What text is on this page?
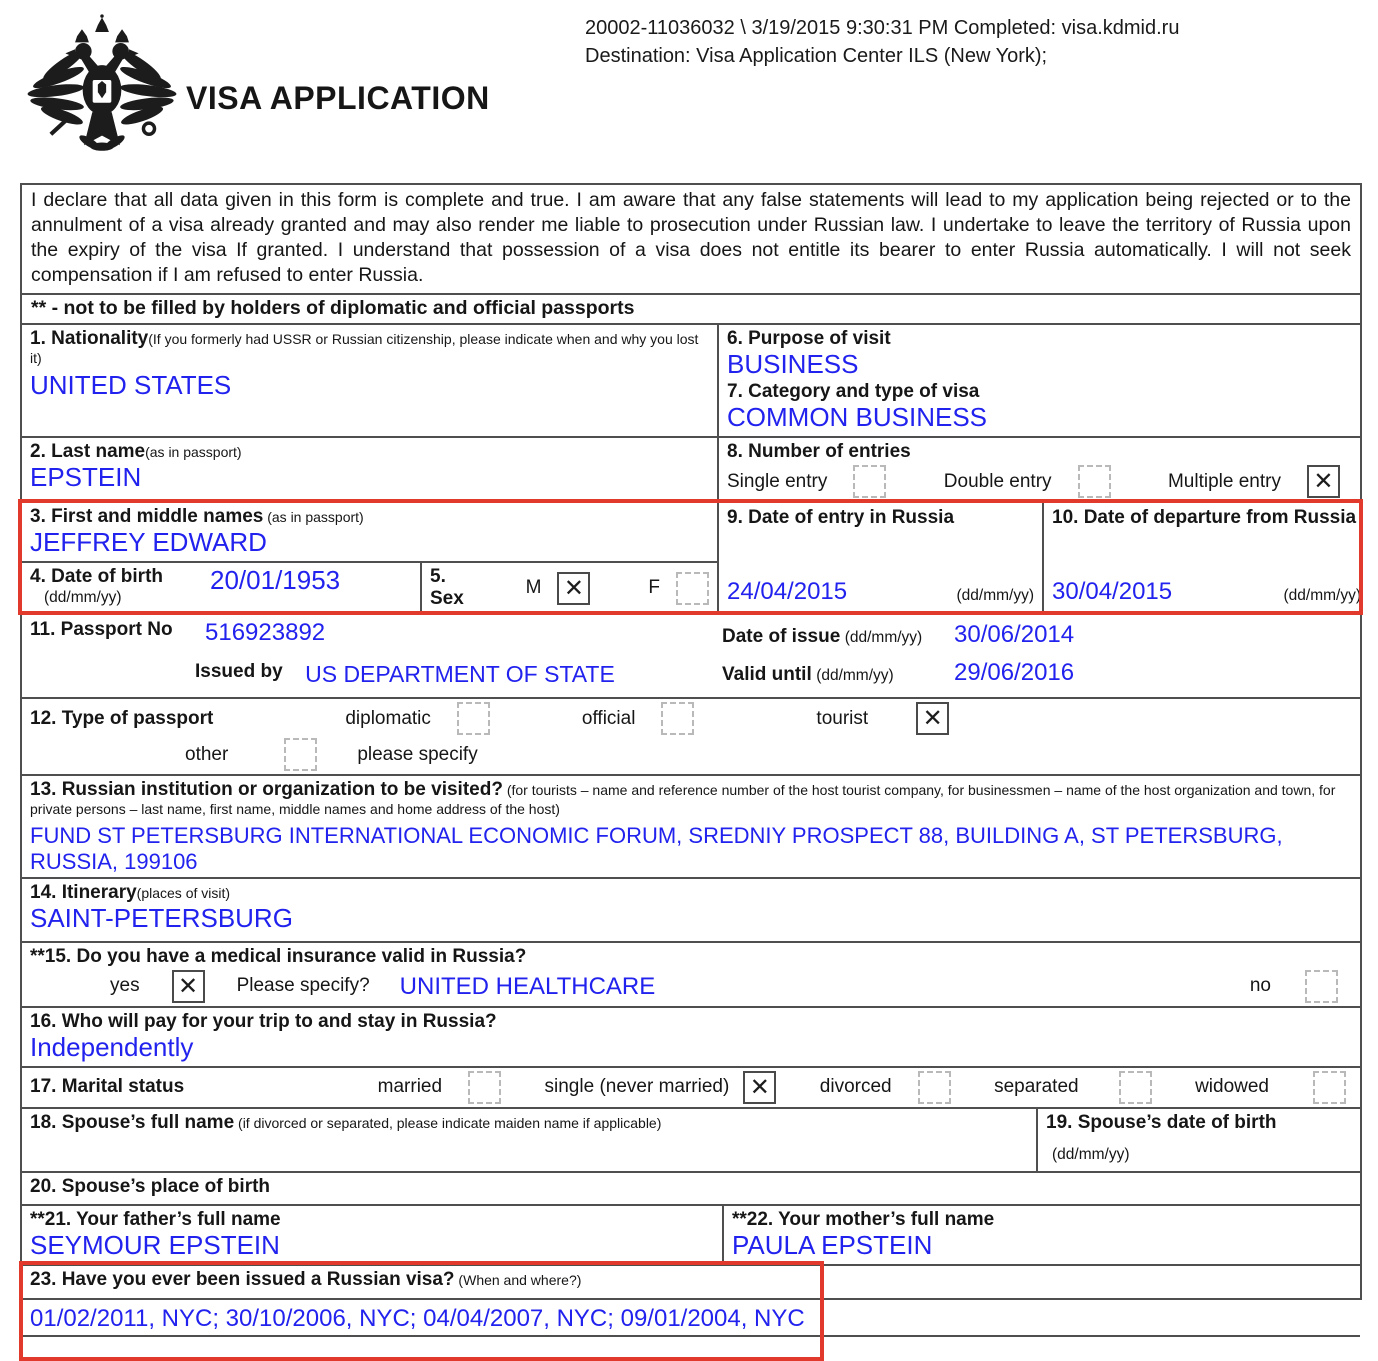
VISA APPLICATION
20002-11036032 \ 3/19/2015 9:30:31 PM Completed: visa.kdmid.ru
Destination: Visa Application Center ILS (New York);
I declare that all data given in this form is complete and true. I am aware that any false statements will lead to my application being rejected or to the annulment of a visa already granted and may also render me liable to prosecution under Russian law. I undertake to leave the territory of Russia upon the expiry of the visa If granted. I understand that possession of a visa does not entitle its bearer to enter Russia automatically. I will not seek compensation if I am refused to enter Russia.
** - not to be filled by holders of diplomatic and official passports
1. Nationality(If you formerly had USSR or Russian citizenship, please indicate when and why you lost it)
UNITED STATES
6. Purpose of visit
BUSINESS
7. Category and type of visa
COMMON BUSINESS
2. Last name(as in passport)
EPSTEIN
8. Number of entries
Single entry	Double entry	Multiple entry ✕
3. First and middle names (as in passport)
JEFFREY EDWARD
4. Date of birth
(dd/mm/yy)
20/01/1953	5. Sex
M ✕	F
9. Date of entry in Russia
24/04/2015	(dd/mm/yy)
10. Date of departure from Russia
30/04/2015	(dd/mm/yy)
11. Passport No 516923892
Issued by US DEPARTMENT OF STATE
Date of issue (dd/mm/yy)	30/06/2014
Valid until (dd/mm/yy)	29/06/2016
12. Type of passport	diplomatic	official	tourist ✕
other	please specify
13. Russian institution or organization to be visited? (for tourists – name and reference number of the host tourist company, for businessmen – name of the host organization and town, for private persons – last name, first name, middle names and home address of the host)
FUND ST PETERSBURG INTERNATIONAL ECONOMIC FORUM, SREDNIY PROSPECT 88, BUILDING A, ST PETERSBURG, RUSSIA, 199106
14. Itinerary(places of visit)
SAINT-PETERSBURG
**15. Do you have a medical insurance valid in Russia?
yes ✕	Please specify? UNITED HEALTHCARE	no
16. Who will pay for your trip to and stay in Russia?
Independently
17. Marital status	married	single (never married) ✕	divorced	separated	widowed
18. Spouse’s full name (if divorced or separated, please indicate maiden name if applicable)	19. Spouse’s date of birth
(dd/mm/yy)
20. Spouse’s place of birth
**21. Your father’s full name
SEYMOUR EPSTEIN
**22. Your mother’s full name
PAULA EPSTEIN
23. Have you ever been issued a Russian visa? (When and where?)
01/02/2011, NYC; 30/10/2006, NYC; 04/04/2007, NYC; 09/01/2004, NYC
